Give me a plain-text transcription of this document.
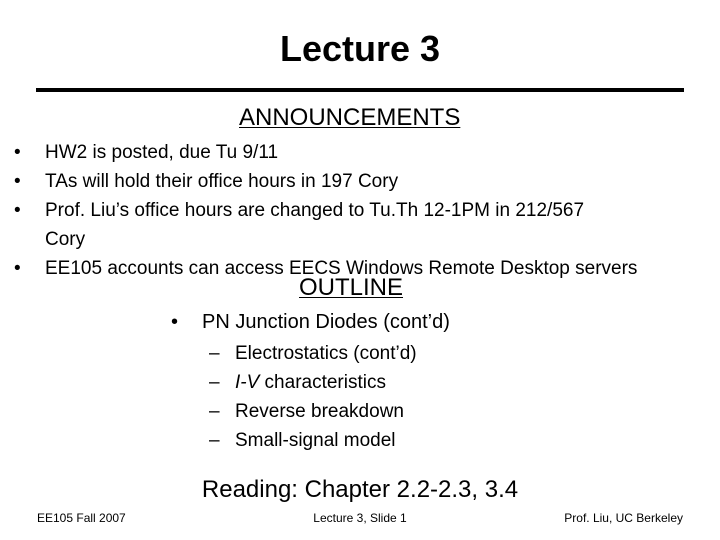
Lecture 3
ANNOUNCEMENTS
• HW2 is posted, due Tu 9/11
• TAs will hold their office hours in 197 Cory
• Prof. Liu’s office hours are changed to Tu.Th 12-1PM in 212/567
Cory
• EE105 accounts can access EECS Windows Remote Desktop servers
OUTLINE
• PN Junction Diodes (cont’d)
– Electrostatics (cont’d)
– I-V characteristics
– Reverse breakdown
– Small-signal model
Reading: Chapter 2.2-2.3, 3.4
EE105 Fall 2007	Lecture 3, Slide 1	Prof. Liu, UC Berkeley
